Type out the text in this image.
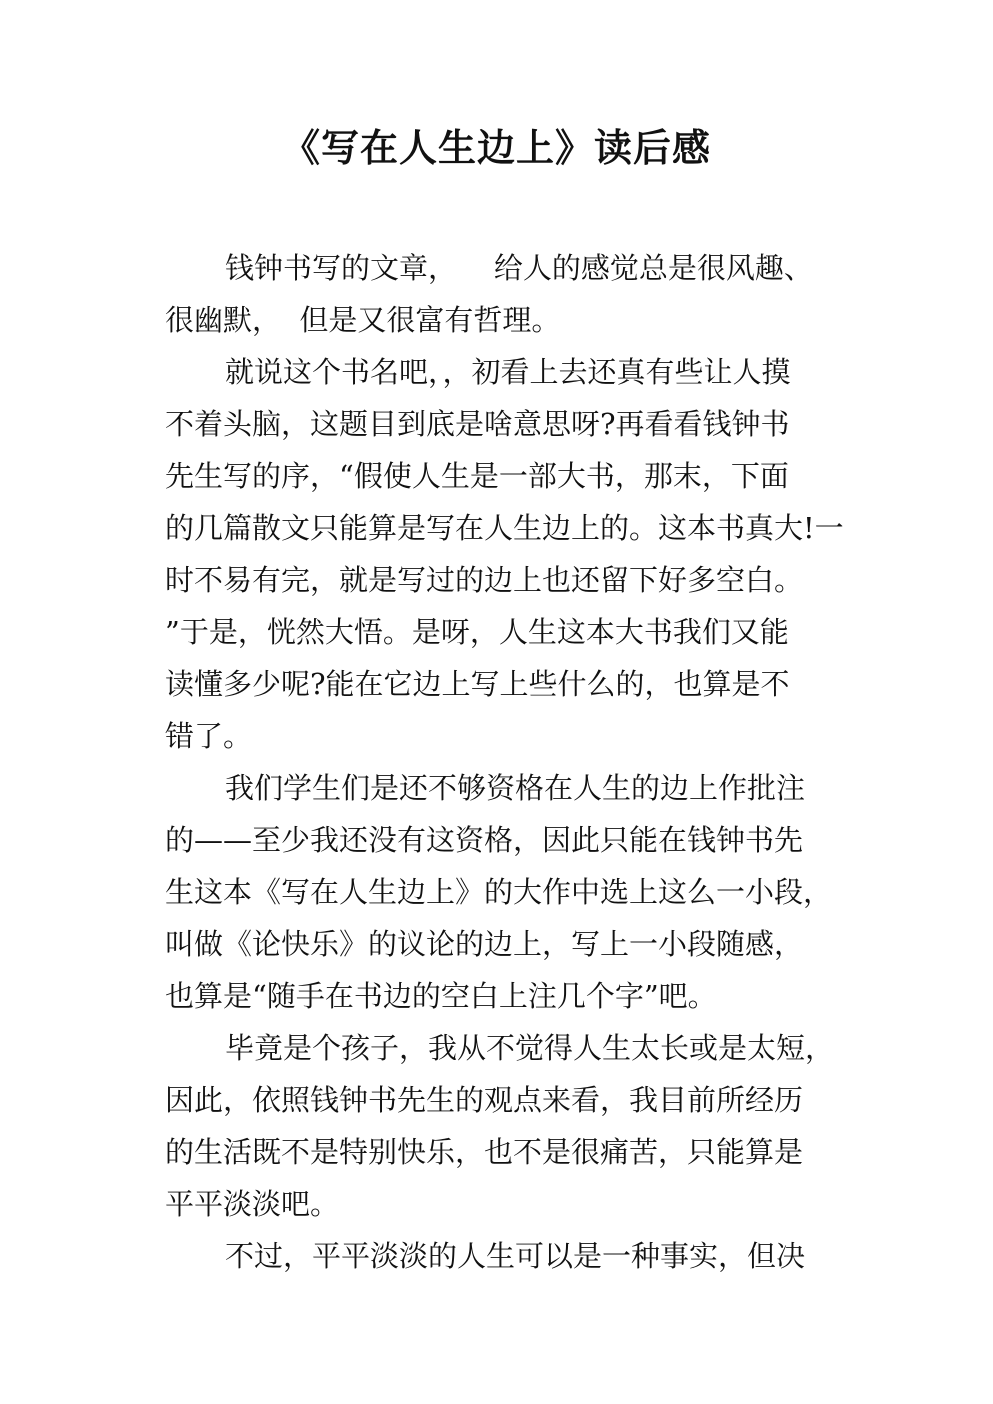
《写在人生边上》读后感
钱钟书写的文章，    给人的感觉总是很风趣、
很幽默，  但是又很富有哲理。
就说这个书名吧，，初看上去还真有些让人摸
不着头脑，这题目到底是啥意思呀?再看看钱钟书
先生写的序，“假使人生是一部大书，那末，下面
的几篇散文只能算是写在人生边上的。这本书真大!一
时不易有完，就是写过的边上也还留下好多空白。
”于是，恍然大悟。是呀，人生这本大书我们又能
读懂多少呢?能在它边上写上些什么的，也算是不
错了。
我们学生们是还不够资格在人生的边上作批注
的——至少我还没有这资格，因此只能在钱钟书先
生这本《写在人生边上》的大作中选上这么一小段，
叫做《论快乐》的议论的边上，写上一小段随感，
也算是“随手在书边的空白上注几个字”吧。
毕竟是个孩子，我从不觉得人生太长或是太短，
因此，依照钱钟书先生的观点来看，我目前所经历
的生活既不是特别快乐，也不是很痛苦，只能算是
平平淡淡吧。
不过，平平淡淡的人生可以是一种事实，但决
